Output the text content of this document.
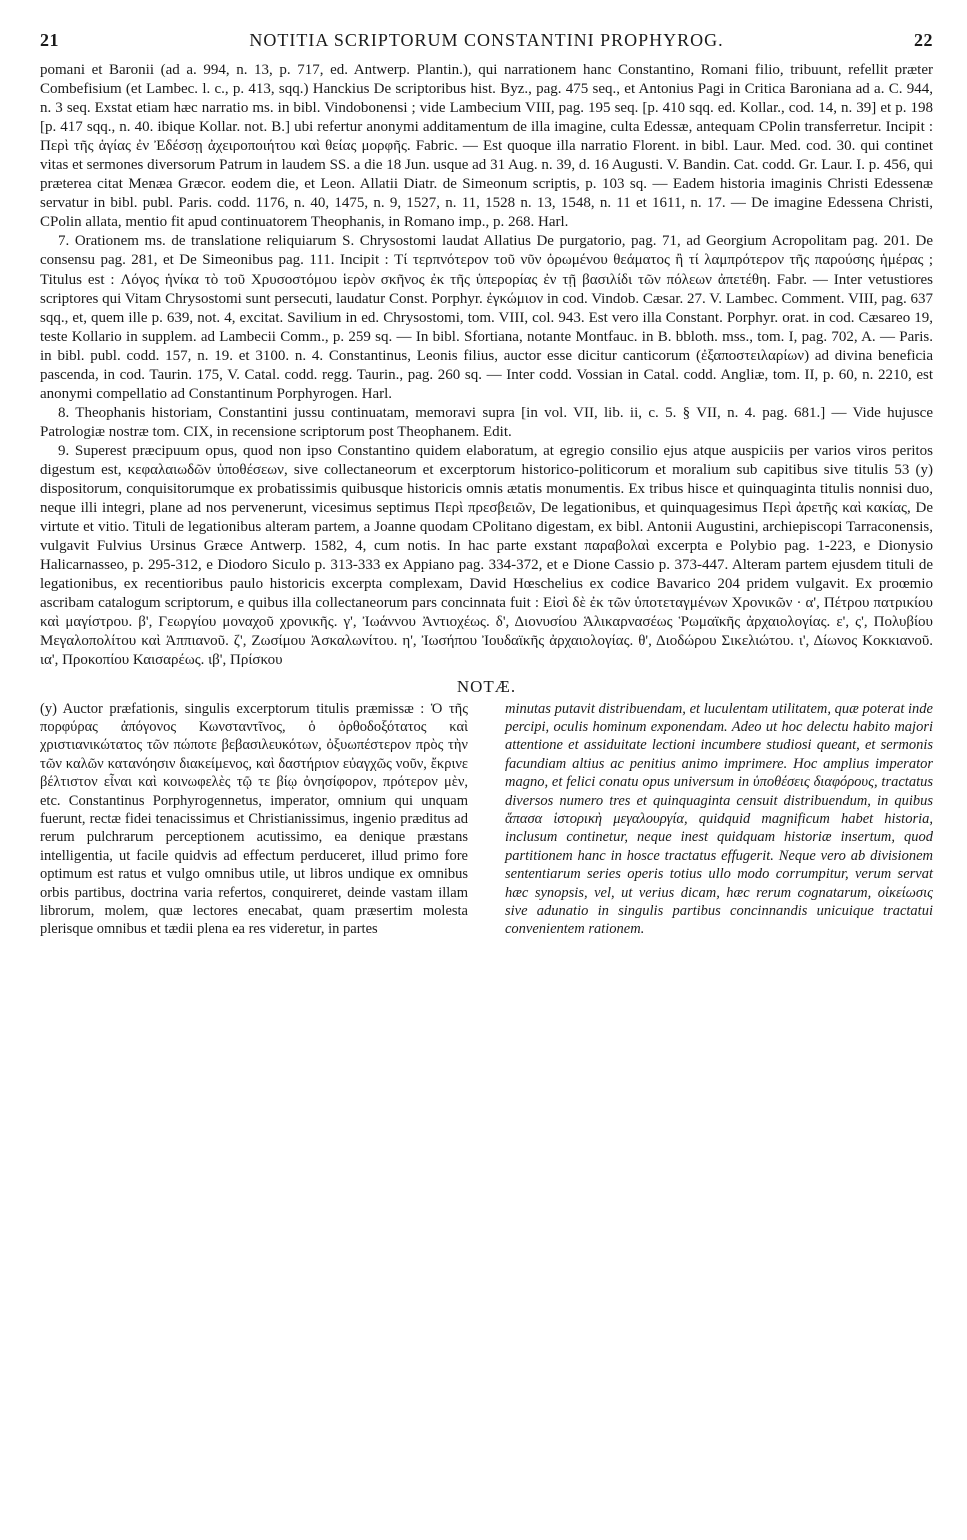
21	NOTITIA SCRIPTORUM CONSTANTINI PROPHYROG.	22

pomani et Baronii (ad a. 994, n. 13, p. 717, ed. Antwerp. Plantin.), qui narrationem hanc Constantino, Romani filio, tribuunt, refellit præter Combefisium (et Lambec. l. c., p. 413, sqq.) Hanckius De scriptoribus hist. Byz., pag. 475 seq., et Antonius Pagi in Critica Baroniana ad a. C. 944, n. 3 seq. Exstat etiam hæc narratio ms. in bibl. Vindobonensi ; vide Lambecium VIII, pag. 195 seq. [p. 410 sqq. ed. Kollar., cod. 14, n. 39] et p. 198 [p. 417 sqq., n. 40. ibique Kollar. not. B.] ubi refertur anonymi additamentum de illa imagine, culta Edessæ, antequam CPolin transferretur. Incipit : Περὶ τῆς ἁγίας ἐν Ἐδέσσῃ ἀχειροποιήτου καὶ θείας μορφῆς. Fabric. — Est quoque illa narratio Florent. in bibl. Laur. Med. cod. 30. qui continet vitas et sermones diversorum Patrum in laudem SS. a die 18 Jun. usque ad 31 Aug. n. 39, d. 16 Augusti. V. Bandin. Cat. codd. Gr. Laur. I. p. 456, qui præterea citat Menæa Græcor. eodem die, et Leon. Allatii Diatr. de Simeonum scriptis, p. 103 sq. — Eadem historia imaginis Christi Edessenæ servatur in bibl. publ. Paris. codd. 1176, n. 40, 1475, n. 9, 1527, n. 11, 1528 n. 13, 1548, n. 11 et 1611, n. 17. — De imagine Edessena Christi, CPolin allata, mentio fit apud continuatorem Theophanis, in Romano imp., p. 268. Harl.

7. Orationem ms. de translatione reliquiarum S. Chrysostomi laudat Allatius De purgatorio, pag. 71, ad Georgium Acropolitam pag. 201. De consensu pag. 281, et De Simeonibus pag. 111. Incipit : Τί τερπνότερον τοῦ νῦν ὁρωμένου θεάματος ἢ τί λαμπρότερον τῆς παρούσης ἡμέρας ; Titulus est : Λόγος ἡνίκα τὸ τοῦ Χρυσοστόμου ἱερὸν σκῆνος ἐκ τῆς ὑπερορίας ἐν τῇ βασιλίδι τῶν πόλεων ἀπετέθη. Fabr. — Inter vetustiores scriptores qui Vitam Chrysostomi sunt persecuti, laudatur Const. Porphyr. ἐγκώμιον in cod. Vindob. Cæsar. 27. V. Lambec. Comment. VIII, pag. 637 sqq., et, quem ille p. 639, not. 4, excitat. Savilium in ed. Chrysostomi, tom. VIII, col. 943. Est vero illa Constant. Porphyr. orat. in cod. Cæsareo 19, teste Kollario in supplem. ad Lambecii Comm., p. 259 sq. — In bibl. Sfortiana, notante Montfauc. in B. bbloth. mss., tom. I, pag. 702, A. — Paris. in bibl. publ. codd. 157, n. 19. et 3100. n. 4. Constantinus, Leonis filius, auctor esse dicitur canticorum (ἐξαποστειλαρίων) ad divina beneficia pascenda, in cod. Taurin. 175, V. Catal. codd. regg. Taurin., pag. 260 sq. — Inter codd. Vossian in Catal. codd. Angliæ, tom. II, p. 60, n. 2210, est anonymi compellatio ad Constantinum Porphyrogen. Harl.

8. Theophanis historiam, Constantini jussu continuatam, memoravi supra [in vol. VII, lib. ii, c. 5. § VII, n. 4. pag. 681.] — Vide hujusce Patrologiæ nostræ tom. CIX, in recensione scriptorum post Theophanem. Edit.

9. Superest præcipuum opus, quod non ipso Constantino quidem elaboratum, at egregio consilio ejus atque auspiciis per varios viros peritos digestum est, κεφαλαιωδῶν ὑποθέσεων, sive collectaneorum et excerptorum historico-politicorum et moralium sub capitibus sive titulis 53 (y) dispositorum, conquisitorumque ex probatissimis quibusque historicis omnis ætatis monumentis. Ex tribus hisce et quinquaginta titulis nonnisi duo, neque illi integri, plane ad nos pervenerunt, vicesimus septimus Περὶ πρεσβειῶν, De legationibus, et quinquagesimus Περὶ ἀρετῆς καὶ κακίας, De virtute et vitio. Tituli de legationibus alteram partem, a Joanne quodam CPolitano digestam, ex bibl. Antonii Augustini, archiepiscopi Tarraconensis, vulgavit Fulvius Ursinus Græce Antwerp. 1582, 4, cum notis. In hac parte exstant παραβολαὶ excerpta e Polybio pag. 1-223, e Dionysio Halicarnasseo, p. 295-312, e Diodoro Siculo p. 313-333 ex Appiano pag. 334-372, et e Dione Cassio p. 373-447. Alteram partem ejusdem tituli de legationibus, ex recentioribus paulo historicis excerpta complexam, David Hœschelius ex codice Bavarico 204 pridem vulgavit. Ex proœmio ascribam catalogum scriptorum, e quibus illa collectaneorum pars concinnata fuit : Εἰσὶ δὲ ἐκ τῶν ὑποτεταγμένων Χρονικῶν · α', Πέτρου πατρικίου καὶ μαγίστρου. β', Γεωργίου μοναχοῦ χρονικῆς. γ', Ἰωάννου Ἀντιοχέως. δ', Διονυσίου Ἁλικαρνασέως Ῥωμαϊκῆς ἀρχαιολογίας. ε', ς', Πολυβίου Μεγαλοπολίτου καὶ Ἀππιανοῦ. ζ', Ζωσίμου Ἀσκαλωνίτου. η', Ἰωσήπου Ἰουδαϊκῆς ἀρχαιολογίας. θ', Διοδώρου Σικελιώτου. ι', Δίωνος Κοκκιανοῦ. ια', Προκοπίου Καισαρέως. ιβ', Πρίσκου

NOTÆ.
(y) Auctor præfationis, singulis excerptorum titulis præmissæ : Ὁ τῆς πορφύρας ἀπόγονος Κωνσταντῖνος, ὁ ὀρθοδοξότατος καὶ χριστιανικώτατος τῶν πώποτε βεβασιλευκότων, ὀξυωπέστερον πρὸς τὴν τῶν καλῶν κατανόησιν διακείμενος, καὶ δαστήριον εὐαγχῶς νοῦν, ἔκρινε βέλτιστον εἶναι καὶ κοινωφελὲς τῷ τε βίῳ ὀνησίφορον, πρότερον μὲν, etc. Constantinus Porphyrogennetus, imperator, omnium qui unquam fuerunt, rectæ fidei tenacissimus et Christianissimus, ingenio præditus ad rerum pulchrarum perceptionem acutissimo, ea denique præstans intelligentia, ut facile quidvis ad effectum perduceret, illud primo fore optimum est ratus et vulgo omnibus utile, ut libros undique ex omnibus orbis partibus, doctrina varia refertos, conquireret, deinde vastam illam librorum, molem, quæ lectores enecabat, quam præsertim molesta plerisque omnibus et tædii plena ea res videretur, in partes
minutas putavit distribuendam, et luculentam utilitatem, quæ poterat inde percipi, oculis hominum exponendam. Adeo ut hoc delectu habito majori attentione et assiduitate lectioni incumbere studiosi queant, et sermonis facundiam altius ac penitius animo imprimere. Hoc amplius imperator magno, et felici conatu opus universum in ὑποθέσεις διαφόρους, tractatus diversos numero tres et quinquaginta censuit distribuendum, in quibus ἅπασα ἱστορικὴ μεγαλουργία, quidquid magnificum habet historia, inclusum continetur, neque inest quidquam historiæ insertum, quod partitionem hanc in hosce tractatus effugerit. Neque vero ab divisionem sententiarum series operis totius ullo modo corrumpitur, verum servat hæc synopsis, vel, ut verius dicam, hæc rerum cognatarum, οἰκείωσις sive adunatio in singulis partibus concinnandis unicuique tractatui convenientem rationem.
